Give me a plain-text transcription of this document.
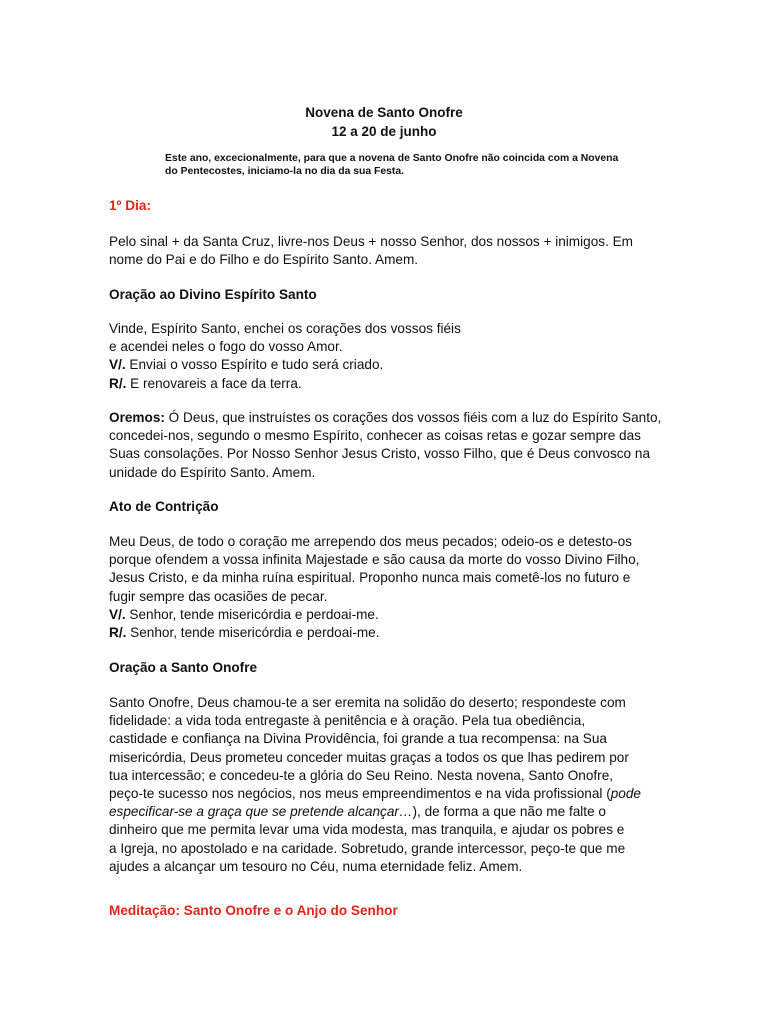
Novena de Santo Onofre
12 a 20 de junho
Este ano, excecionalmente, para que a novena de Santo Onofre não coincida com a Novena
do Pentecostes, iniciamo-la no dia da sua Festa.
1º Dia:
Pelo sinal + da Santa Cruz, livre-nos Deus + nosso Senhor, dos nossos + inimigos. Em
nome do Pai e do Filho e do Espírito Santo. Amem.
Oração ao Divino Espírito Santo
Vinde, Espírito Santo, enchei os corações dos vossos fiéis
e acendei neles o fogo do vosso Amor.
V/. Enviai o vosso Espírito e tudo será criado.
R/. E renovareis a face da terra.
Oremos: Ó Deus, que instruístes os corações dos vossos fiéis com a luz do Espírito Santo,
concedei-nos, segundo o mesmo Espírito, conhecer as coisas retas e gozar sempre das
Suas consolações. Por Nosso Senhor Jesus Cristo, vosso Filho, que é Deus convosco na
unidade do Espírito Santo. Amem.
Ato de Contrição
Meu Deus, de todo o coração me arrependo dos meus pecados; odeio-os e detesto-os
porque ofendem a vossa infinita Majestade e são causa da morte do vosso Divino Filho,
Jesus Cristo, e da minha ruína espiritual. Proponho nunca mais cometê-los no futuro e
fugir sempre das ocasiões de pecar.
V/. Senhor, tende misericórdia e perdoai-me.
R/. Senhor, tende misericórdia e perdoai-me.
Oração a Santo Onofre
Santo Onofre, Deus chamou-te a ser eremita na solidão do deserto; respondeste com
fidelidade: a vida toda entregaste à penitência e à oração. Pela tua obediência,
castidade e confiança na Divina Providência, foi grande a tua recompensa: na Sua
misericórdia, Deus prometeu conceder muitas graças a todos os que lhas pedirem por
tua intercessão; e concedeu-te a glória do Seu Reino. Nesta novena, Santo Onofre,
peço-te sucesso nos negócios, nos meus empreendimentos e na vida profissional (pode
especificar-se a graça que se pretende alcançar…), de forma a que não me falte o
dinheiro que me permita levar uma vida modesta, mas tranquila, e ajudar os pobres e
a Igreja, no apostolado e na caridade. Sobretudo, grande intercessor, peço-te que me
ajudes a alcançar um tesouro no Céu, numa eternidade feliz. Amem.
Meditação: Santo Onofre e o Anjo do Senhor
